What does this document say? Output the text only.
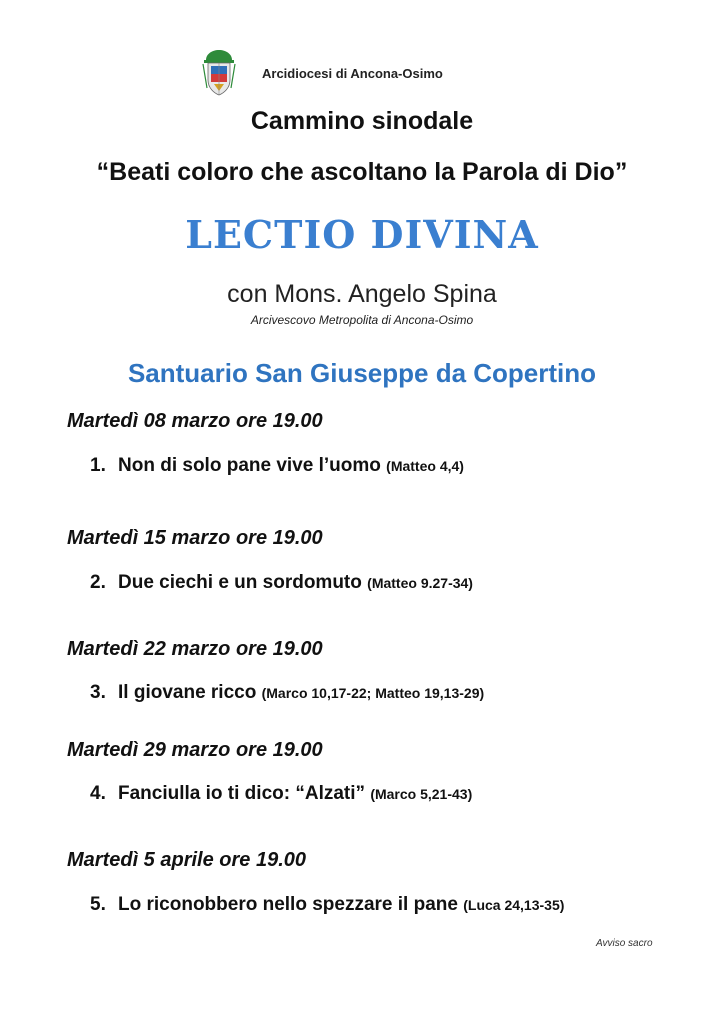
Arcidiocesi di Ancona-Osimo
Cammino sinodale
“Beati coloro che ascoltano la Parola di Dio”
LECTIO DIVINA
con Mons. Angelo Spina
Arcivescovo Metropolita di Ancona-Osimo
Santuario San Giuseppe da Copertino
Martedì 08 marzo ore 19.00
1. Non di solo pane vive l’uomo (Matteo 4,4)
Martedì 15 marzo ore 19.00
2. Due ciechi e un sordomuto (Matteo 9.27-34)
Martedì 22 marzo ore 19.00
3. Il giovane ricco (Marco 10,17-22; Matteo 19,13-29)
Martedì 29 marzo ore 19.00
4. Fanciulla io ti dico: “Alzati” (Marco 5,21-43)
Martedì 5 aprile ore 19.00
5. Lo riconobbero nello spezzare il pane (Luca 24,13-35)
Avviso sacro
